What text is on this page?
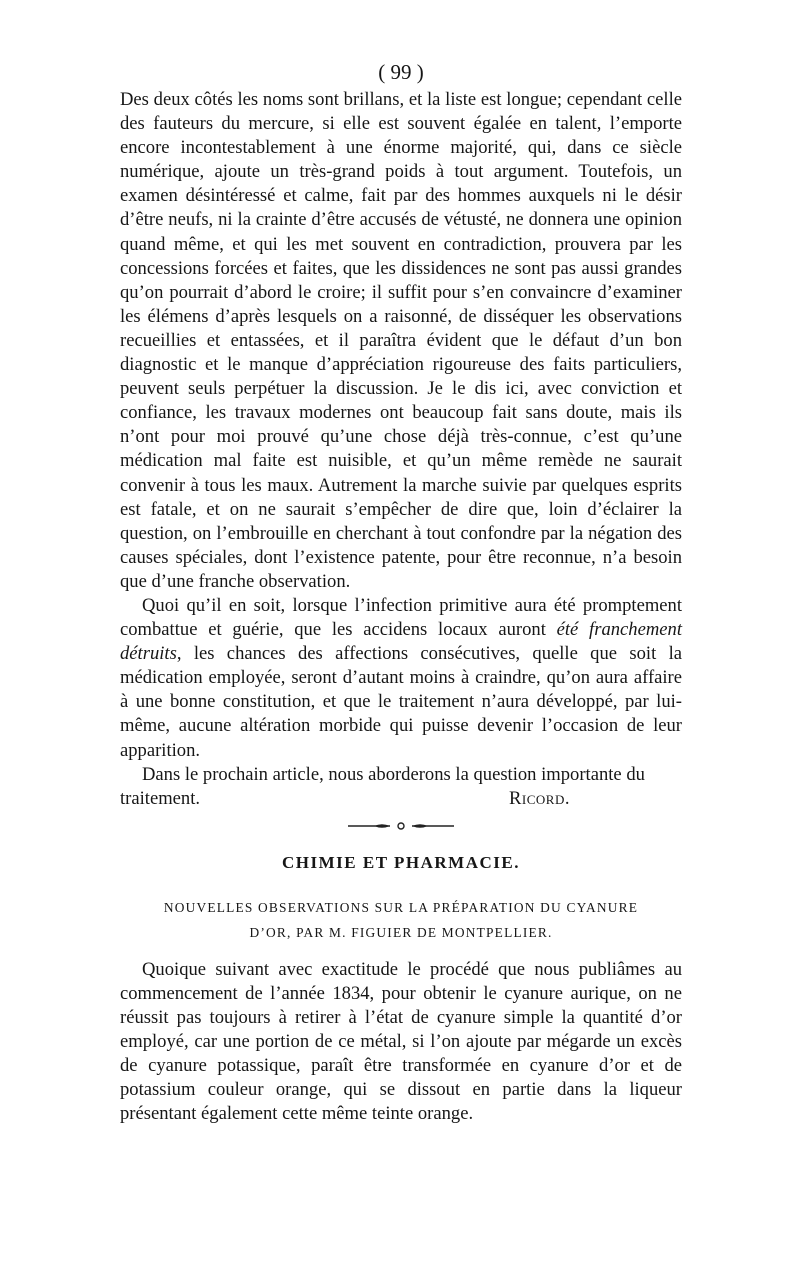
( 99 )

Des deux côtés les noms sont brillans, et la liste est longue; cependant celle des fauteurs du mercure, si elle est souvent égalée en talent, l’emporte encore incontestablement à une énorme majorité, qui, dans ce siècle numérique, ajoute un très-grand poids à tout argument. Toutefois, un examen désintéressé et calme, fait par des hommes auxquels ni le désir d’être neufs, ni la crainte d’être accusés de vétusté, ne donnera une opinion quand même, et qui les met souvent en contradiction, prouvera par les concessions forcées et faites, que les dissidences ne sont pas aussi grandes qu’on pourrait d’abord le croire; il suffit pour s’en convaincre d’examiner les élémens d’après lesquels on a raisonné, de disséquer les observations recueillies et entassées, et il paraîtra évident que le défaut d’un bon diagnostic et le manque d’appréciation rigoureuse des faits particuliers, peuvent seuls perpétuer la discussion. Je le dis ici, avec conviction et confiance, les travaux modernes ont beaucoup fait sans doute, mais ils n’ont pour moi prouvé qu’une chose déjà très-connue, c’est qu’une médication mal faite est nuisible, et qu’un même remède ne saurait convenir à tous les maux. Autrement la marche suivie par quelques esprits est fatale, et on ne saurait s’empêcher de dire que, loin d’éclairer la question, on l’embrouille en cherchant à tout confondre par la négation des causes spéciales, dont l’existence patente, pour être reconnue, n’a besoin que d’une franche observation.

Quoi qu’il en soit, lorsque l’infection primitive aura été promptement combattue et guérie, que les accidens locaux auront été franchement détruits, les chances des affections consécutives, quelle que soit la médication employée, seront d’autant moins à craindre, qu’on aura affaire à une bonne constitution, et que le traitement n’aura développé, par lui-même, aucune altération morbide qui puisse devenir l’occasion de leur apparition.

Dans le prochain article, nous aborderons la question importante du

traitement.	Ricord.
CHIMIE ET PHARMACIE.
NOUVELLES OBSERVATIONS SUR LA PRÉPARATION DU CYANURE
D’OR, PAR M. FIGUIER DE MONTPELLIER.

Quoique suivant avec exactitude le procédé que nous publiâmes au commencement de l’année 1834, pour obtenir le cyanure aurique, on ne réussit pas toujours à retirer à l’état de cyanure simple la quantité d’or employé, car une portion de ce métal, si l’on ajoute par mégarde un excès de cyanure potassique, paraît être transformée en cyanure d’or et de potassium couleur orange, qui se dissout en partie dans la liqueur présentant également cette même teinte orange.
